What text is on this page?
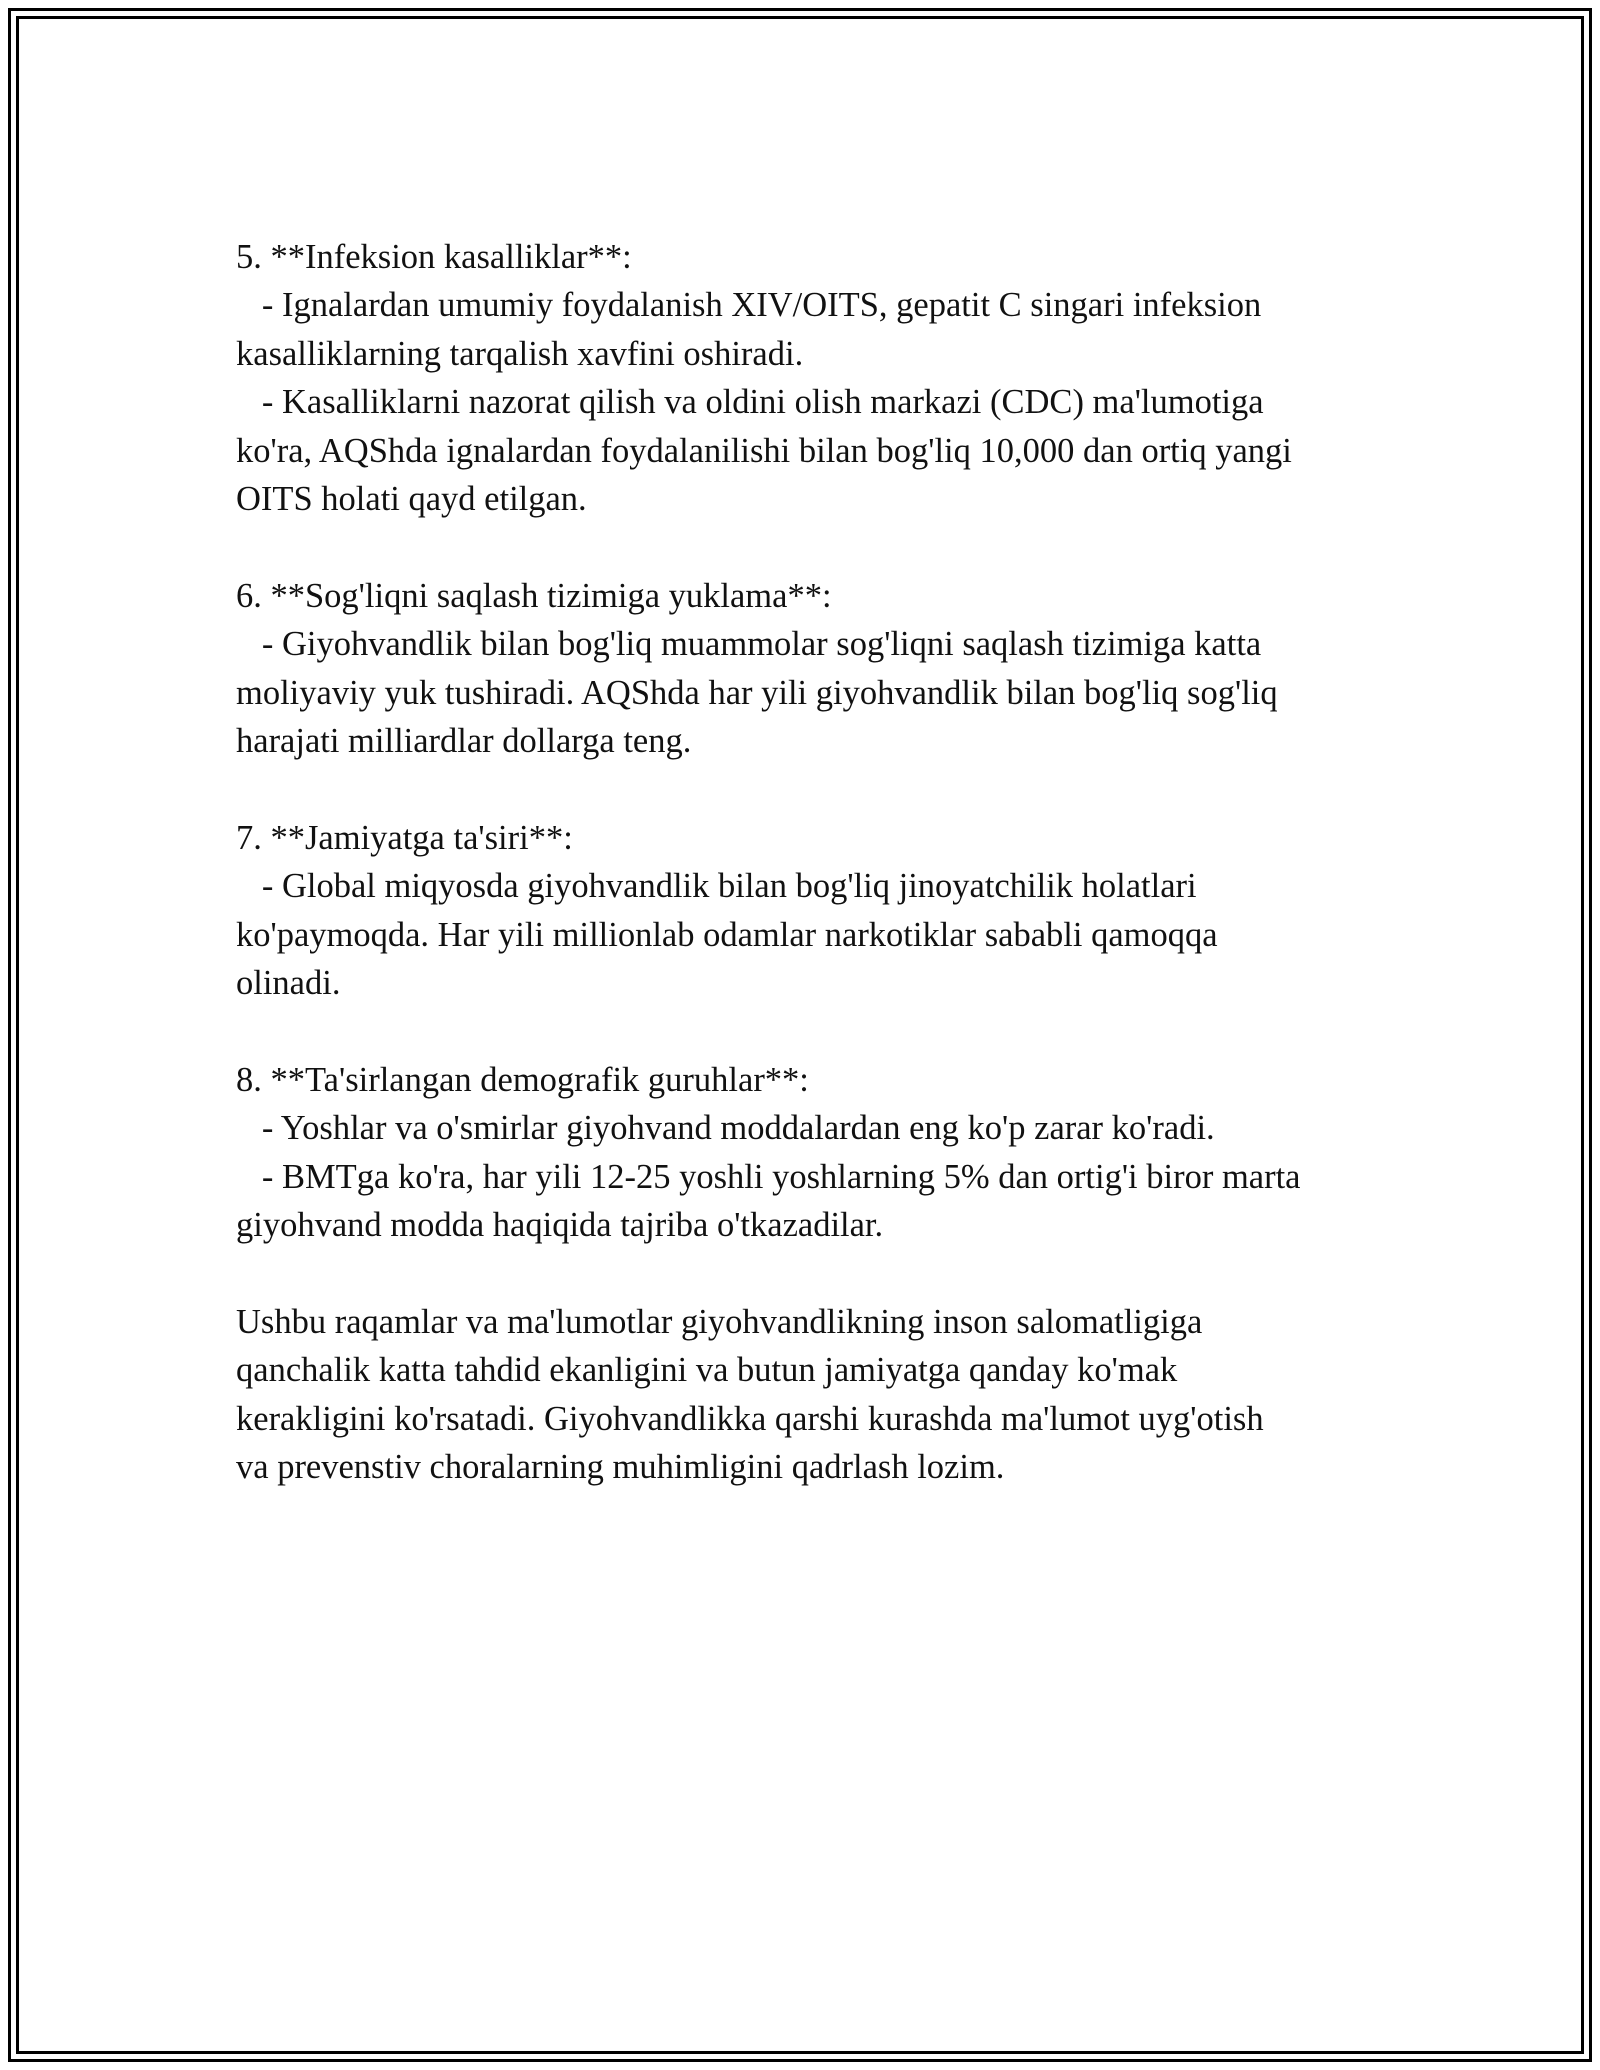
5. **Infeksion kasalliklar**:
- Ignalardan umumiy foydalanish XIV/OITS, gepatit C singari infeksion
kasalliklarning tarqalish xavfini oshiradi.
- Kasalliklarni nazorat qilish va oldini olish markazi (CDC) ma'lumotiga
ko'ra, AQShda ignalardan foydalanilishi bilan bog'liq 10,000 dan ortiq yangi
OITS holati qayd etilgan.
6. **Sog'liqni saqlash tizimiga yuklama**:
- Giyohvandlik bilan bog'liq muammolar sog'liqni saqlash tizimiga katta
moliyaviy yuk tushiradi. AQShda har yili giyohvandlik bilan bog'liq sog'liq
harajati milliardlar dollarga teng.
7. **Jamiyatga ta'siri**:
- Global miqyosda giyohvandlik bilan bog'liq jinoyatchilik holatlari
ko'paymoqda. Har yili millionlab odamlar narkotiklar sababli qamoqqa
olinadi.
8. **Ta'sirlangan demografik guruhlar**:
- Yoshlar va o'smirlar giyohvand moddalardan eng ko'p zarar ko'radi.
- BMTga ko'ra, har yili 12-25 yoshli yoshlarning 5% dan ortig'i biror marta
giyohvand modda haqiqida tajriba o'tkazadilar.
Ushbu raqamlar va ma'lumotlar giyohvandlikning inson salomatligiga
qanchalik katta tahdid ekanligini va butun jamiyatga qanday ko'mak
kerakligini ko'rsatadi. Giyohvandlikka qarshi kurashda ma'lumot uyg'otish
va prevenstiv choralarning muhimligini qadrlash lozim.
